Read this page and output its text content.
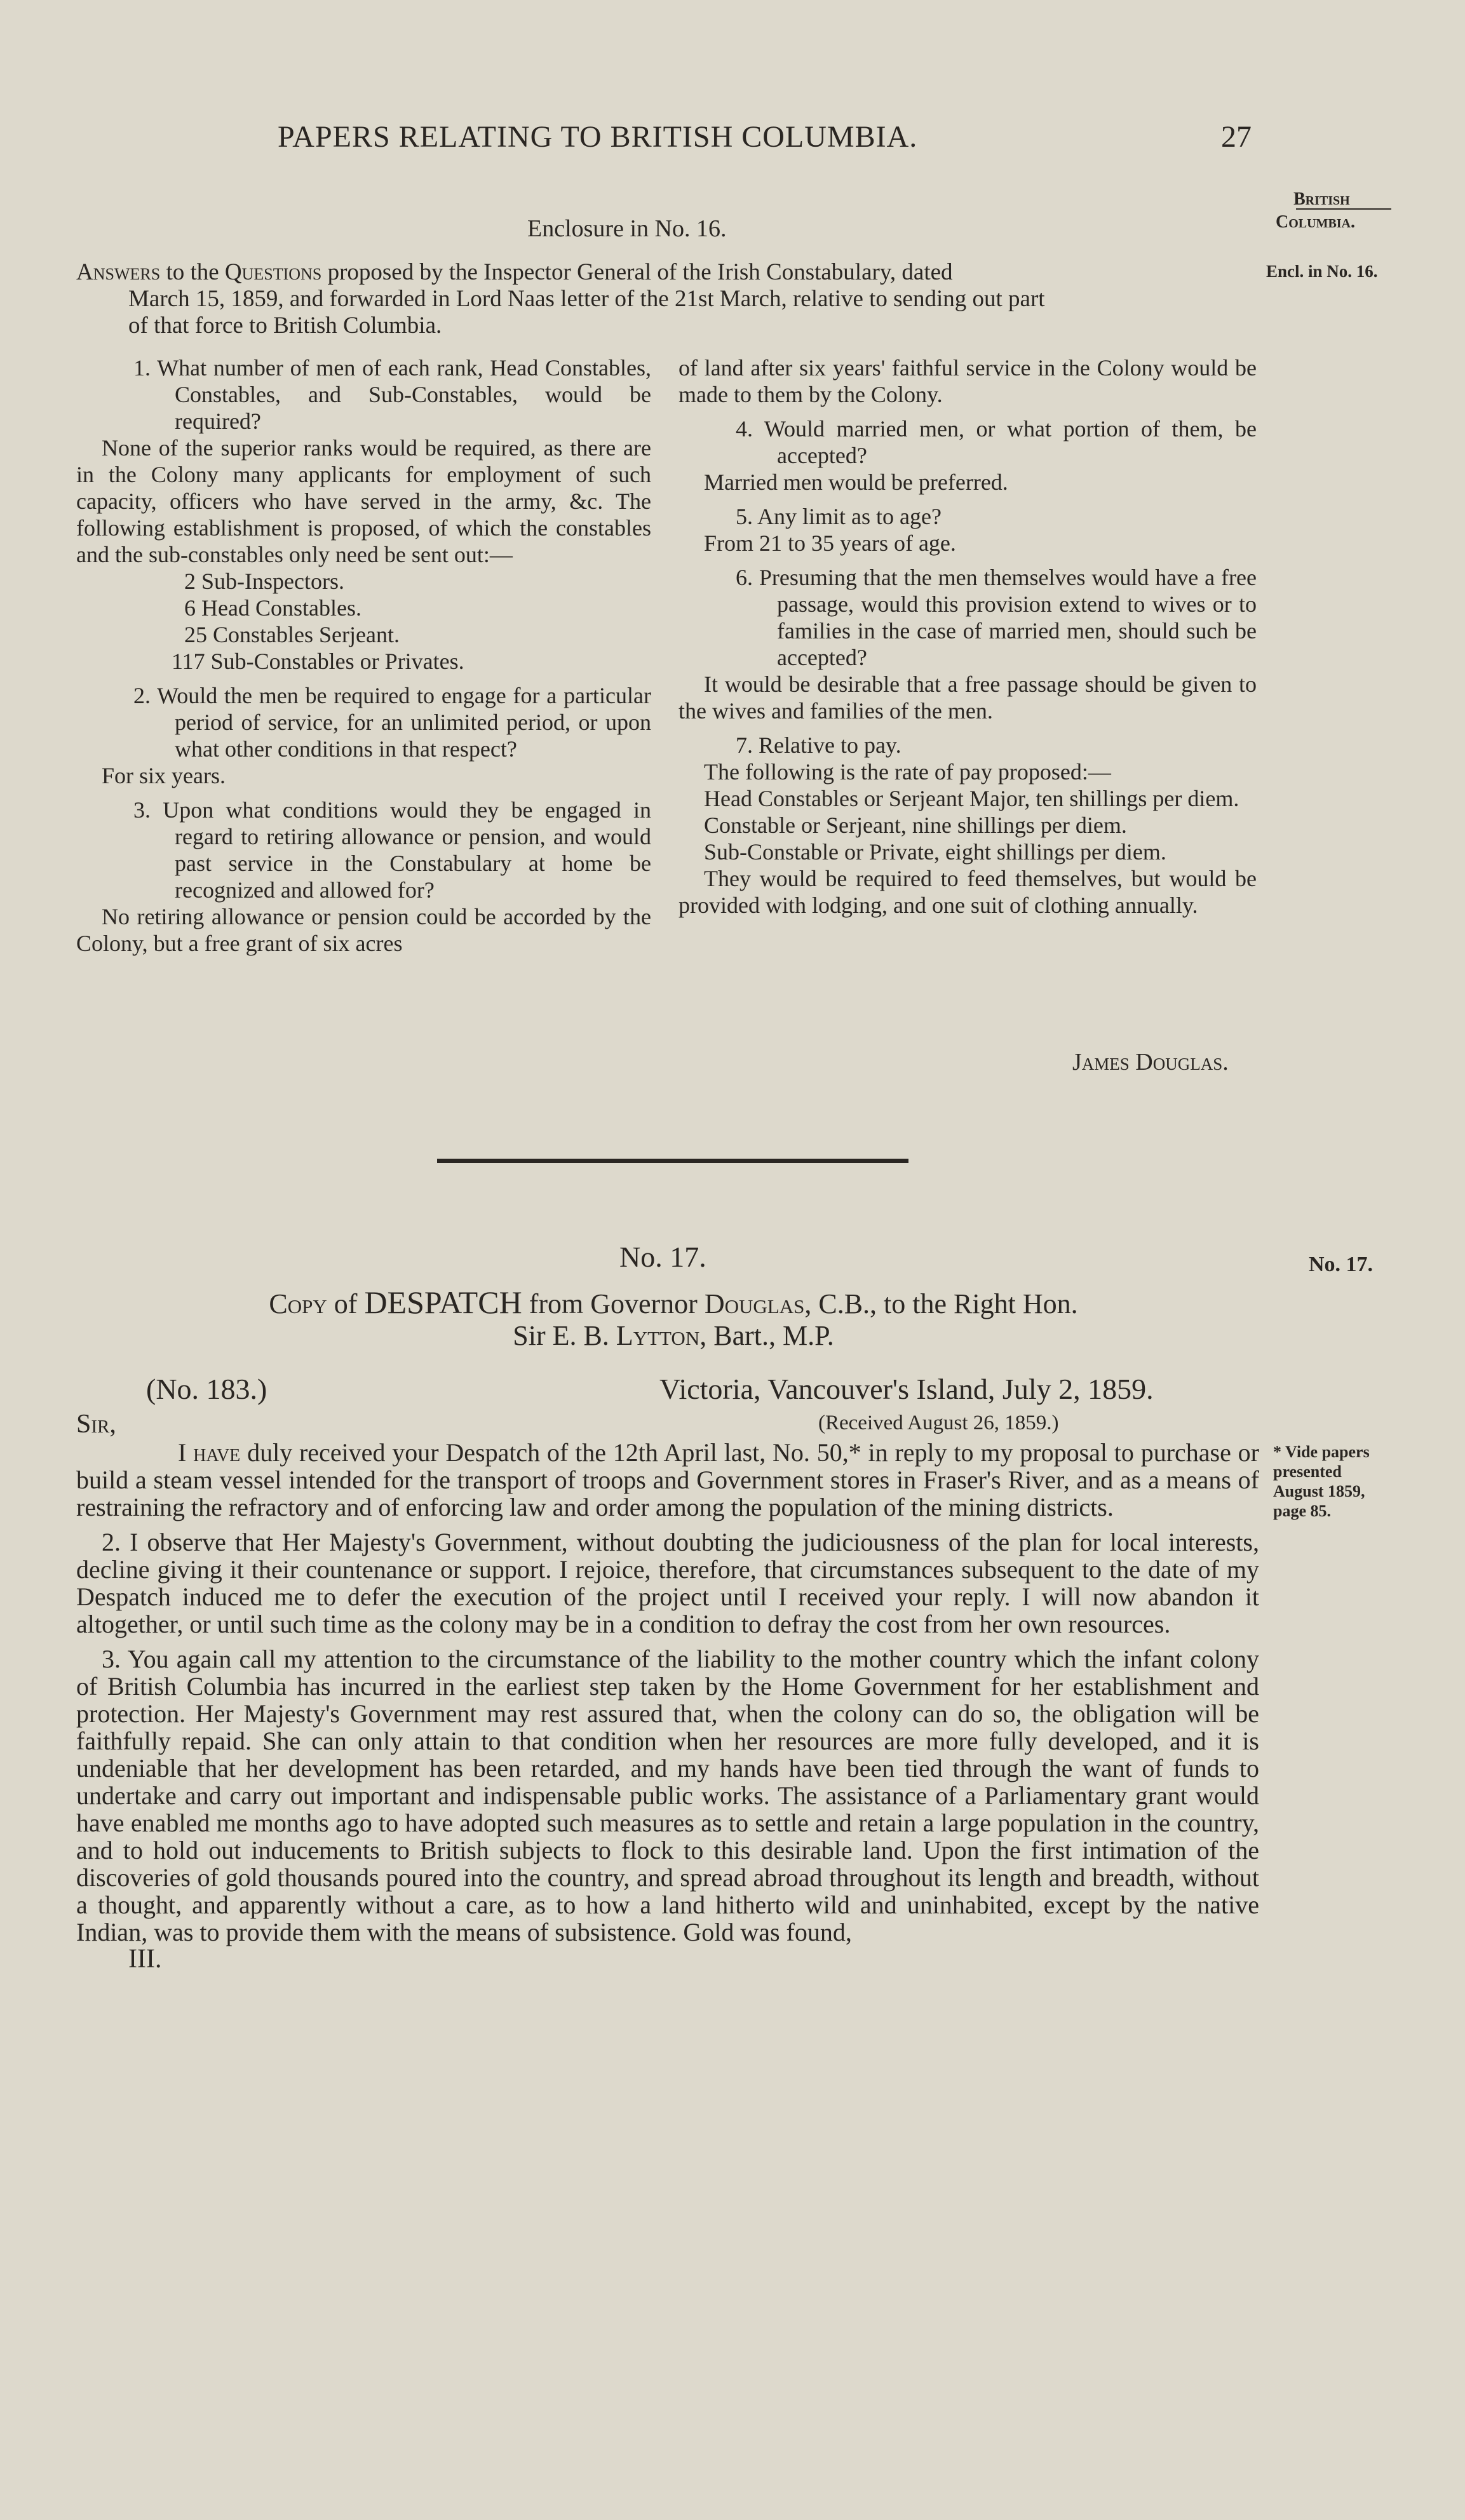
PAPERS RELATING TO BRITISH COLUMBIA.	27
British
Columbia.
Encl. in No. 16.
No. 17.
* Vide papers
presented
August 1859,
page 85.
Enclosure in No. 16.
Answers to the Questions proposed by the Inspector General of the Irish Constabulary, dated
March 15, 1859, and forwarded in Lord Naas letter of the 21st March, relative to sending out part
of that force to British Columbia.

1. What number of men of each rank, Head Constables, Constables, and Sub-Constables, would be required?

None of the superior ranks would be required, as there are in the Colony many applicants for employment of such capacity, officers who have served in the army, &c. The following establishment is proposed, of which the constables and the sub-constables only need be sent out:—

2 Sub-Inspectors.
6 Head Constables.
25 Constables Serjeant.
117 Sub-Constables or Privates.

2. Would the men be required to engage for a particular period of service, for an unlimited period, or upon what other conditions in that respect?

For six years.

3. Upon what conditions would they be engaged in regard to retiring allowance or pension, and would past service in the Constabulary at home be recognized and allowed for?

No retiring allowance or pension could be accorded by the Colony, but a free grant of six acres

of land after six years' faithful service in the Colony would be made to them by the Colony.

4. Would married men, or what portion of them, be accepted?

Married men would be preferred.

5. Any limit as to age?

From 21 to 35 years of age.

6. Presuming that the men themselves would have a free passage, would this provision extend to wives or to families in the case of married men, should such be accepted?

It would be desirable that a free passage should be given to the wives and families of the men.

7. Relative to pay.

The following is the rate of pay proposed:—

Head Constables or Serjeant Major, ten shillings per diem.

Constable or Serjeant, nine shillings per diem.

Sub-Constable or Private, eight shillings per diem.

They would be required to feed themselves, but would be provided with lodging, and one suit of clothing annually.

James Douglas.
No. 17.
Copy of DESPATCH from Governor Douglas, C.B., to the Right Hon.
Sir E. B. Lytton, Bart., M.P.
(No. 183.)	Victoria, Vancouver's Island, July 2, 1859.
Sir,	(Received August 26, 1859.)

I have duly received your Despatch of the 12th April last, No. 50,* in reply to my proposal to purchase or build a steam vessel intended for the transport of troops and Government stores in Fraser's River, and as a means of restraining the refractory and of enforcing law and order among the population of the mining districts.

2. I observe that Her Majesty's Government, without doubting the judiciousness of the plan for local interests, decline giving it their countenance or support. I rejoice, therefore, that circumstances subsequent to the date of my Despatch induced me to defer the execution of the project until I received your reply. I will now abandon it altogether, or until such time as the colony may be in a condition to defray the cost from her own resources.

3. You again call my attention to the circumstance of the liability to the mother country which the infant colony of British Columbia has incurred in the earliest step taken by the Home Government for her establishment and protection. Her Majesty's Government may rest assured that, when the colony can do so, the obligation will be faithfully repaid. She can only attain to that condition when her resources are more fully developed, and it is undeniable that her development has been retarded, and my hands have been tied through the want of funds to undertake and carry out important and indispensable public works. The assistance of a Parliamentary grant would have enabled me months ago to have adopted such measures as to settle and retain a large population in the country, and to hold out inducements to British subjects to flock to this desirable land. Upon the first intimation of the discoveries of gold thousands poured into the country, and spread abroad throughout its length and breadth, without a thought, and apparently without a care, as to how a land hitherto wild and uninhabited, except by the native Indian, was to provide them with the means of subsistence. Gold was found,

III.
